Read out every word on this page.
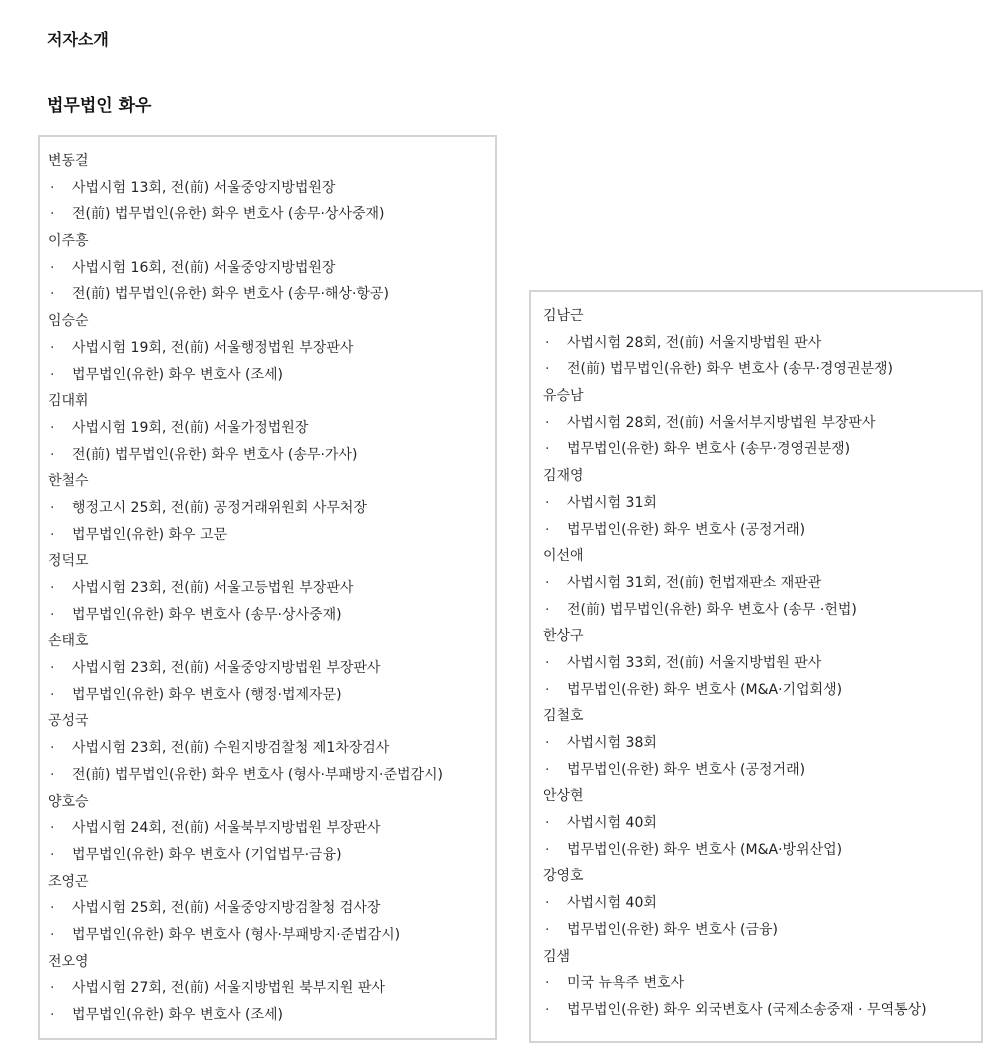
저자소개
법무법인 화우
변동걸
· 사법시험 13회, 전(前) 서울중앙지방법원장
· 전(前) 법무법인(유한) 화우 변호사 (송무·상사중재)
이주흥
· 사법시험 16회, 전(前) 서울중앙지방법원장
· 전(前) 법무법인(유한) 화우 변호사 (송무·해상·항공)
임승순
· 사법시험 19회, 전(前) 서울행정법원 부장판사
· 법무법인(유한) 화우 변호사 (조세)
김대휘
· 사법시험 19회, 전(前) 서울가정법원장
· 전(前) 법무법인(유한) 화우 변호사 (송무·가사)
한철수
· 행정고시 25회, 전(前) 공정거래위원회 사무처장
· 법무법인(유한) 화우 고문
정덕모
· 사법시험 23회, 전(前) 서울고등법원 부장판사
· 법무법인(유한) 화우 변호사 (송무·상사중재)
손태호
· 사법시험 23회, 전(前) 서울중앙지방법원 부장판사
· 법무법인(유한) 화우 변호사 (행정·법제자문)
공성국
· 사법시험 23회, 전(前) 수원지방검찰청 제1차장검사
· 전(前) 법무법인(유한) 화우 변호사 (형사·부패방지·준법감시)
양호승
· 사법시험 24회, 전(前) 서울북부지방법원 부장판사
· 법무법인(유한) 화우 변호사 (기업법무·금융)
조영곤
· 사법시험 25회, 전(前) 서울중앙지방검찰청 검사장
· 법무법인(유한) 화우 변호사 (형사·부패방지·준법감시)
전오영
· 사법시험 27회, 전(前) 서울지방법원 북부지원 판사
· 법무법인(유한) 화우 변호사 (조세)
김남근
· 사법시험 28회, 전(前) 서울지방법원 판사
· 전(前) 법무법인(유한) 화우 변호사 (송무·경영권분쟁)
유승남
· 사법시험 28회, 전(前) 서울서부지방법원 부장판사
· 법무법인(유한) 화우 변호사 (송무·경영권분쟁)
김재영
· 사법시험 31회
· 법무법인(유한) 화우 변호사 (공정거래)
이선애
· 사법시험 31회, 전(前) 헌법재판소 재판관
· 전(前) 법무법인(유한) 화우 변호사 (송무 ·헌법)
한상구
· 사법시험 33회, 전(前) 서울지방법원 판사
· 법무법인(유한) 화우 변호사 (M&A·기업회생)
김철호
· 사법시험 38회
· 법무법인(유한) 화우 변호사 (공정거래)
안상현
· 사법시험 40회
· 법무법인(유한) 화우 변호사 (M&A·방위산업)
강영호
· 사법시험 40회
· 법무법인(유한) 화우 변호사 (금융)
김샘
· 미국 뉴욕주 변호사
· 법무법인(유한) 화우 외국변호사 (국제소송중재 · 무역통상)
